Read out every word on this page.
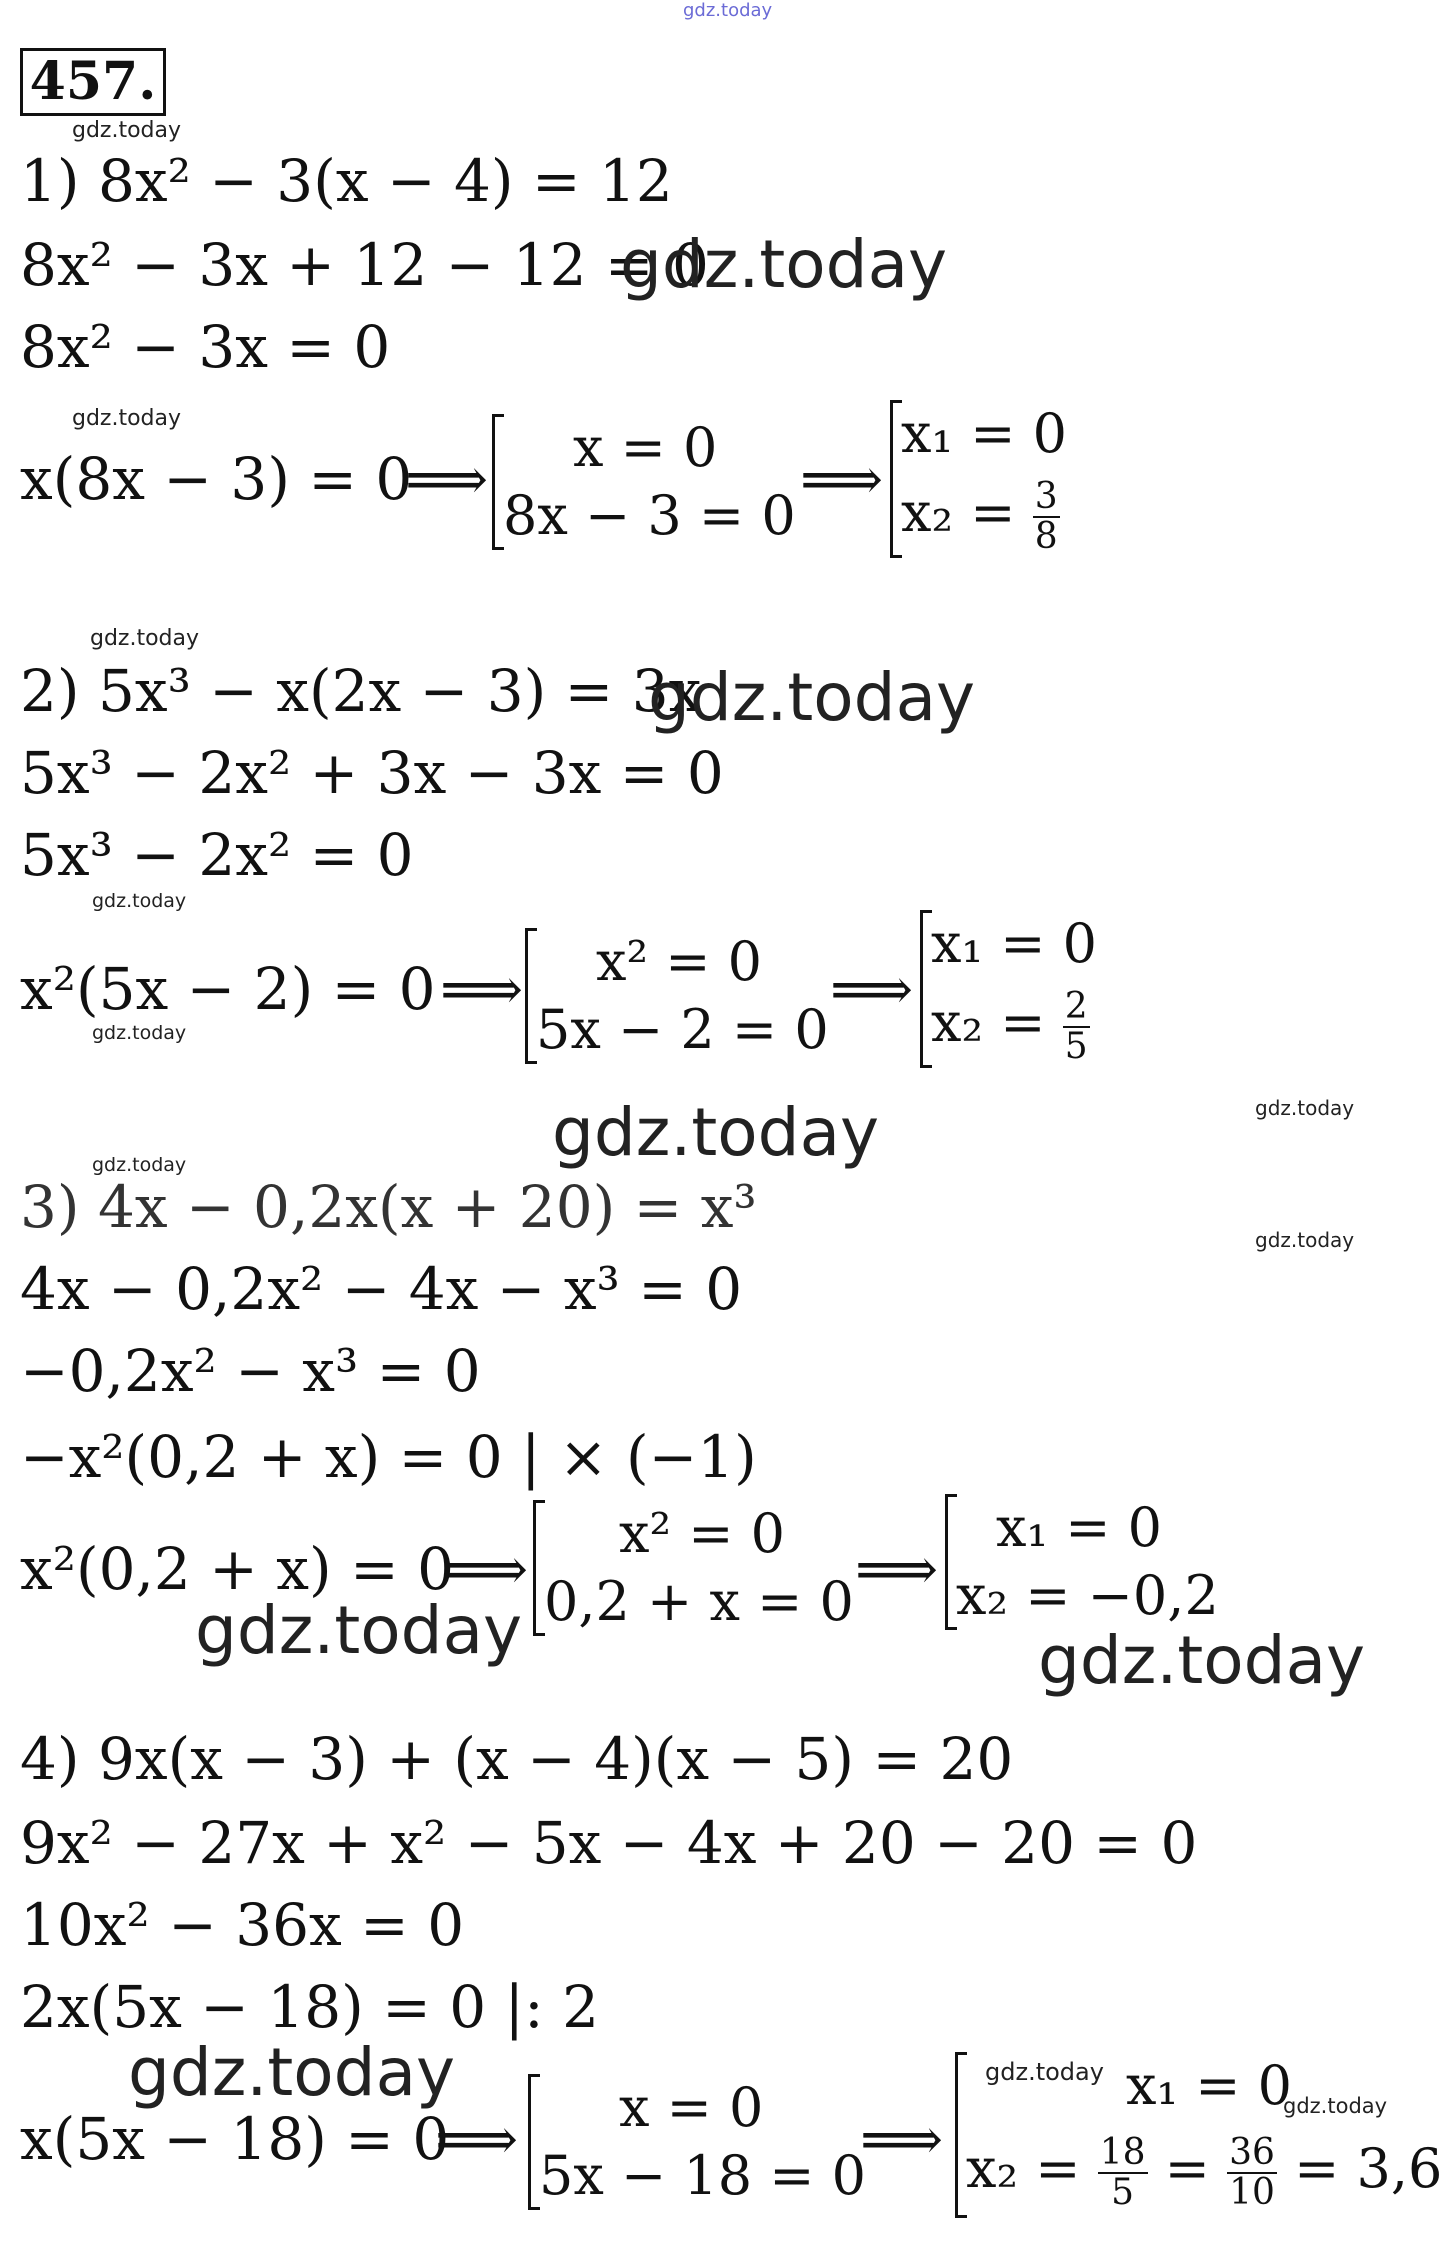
gdz.today
457.
gdz.today
1) 8x² − 3(x − 4) = 12
8x² − 3x + 12 − 12 = 0
gdz.today
8x² − 3x = 0
gdz.today
x(8x − 3) = 0
⟹	x = 0
8x − 3 = 0
⟹
x₁ = 0
$x_2 = \frac{3}{8}$
gdz.today
2) 5x³ − x(2x − 3) = 3x
gdz.today
5x³ − 2x² + 3x − 3x = 0
5x³ − 2x² = 0
gdz.today
x²(5x − 2) = 0
gdz.today
⟹	x² = 0
5x − 2 = 0
⟹
x₁ = 0
$x_2 = \frac{2}{5}$
gdz.today	gdz.today
gdz.today
3) 4x − 0,2x(x + 20) = x³	gdz.today
4x − 0,2x² − 4x − x³ = 0
−0,2x² − x³ = 0
−x²(0,2 + x) = 0 | × (−1)
x²(0,2 + x) = 0
⟹
x² = 0
0,2 + x = 0
gdz.today
⟹
x₁ = 0
x₂ = −0,2
gdz.today
4) 9x(x − 3) + (x − 4)(x − 5) = 20
9x² − 27x + x² − 5x − 4x + 20 − 20 = 0
10x² − 36x = 0
2x(5x − 18) = 0 |: 2
gdz.today
x(5x − 18) = 0
⟹	x = 0
5x − 18 = 0
⟹
gdz.today x₁ = 0
$x_2 = \frac{18}{5} = \frac{36}{10} = 3,6$
gdz.today
